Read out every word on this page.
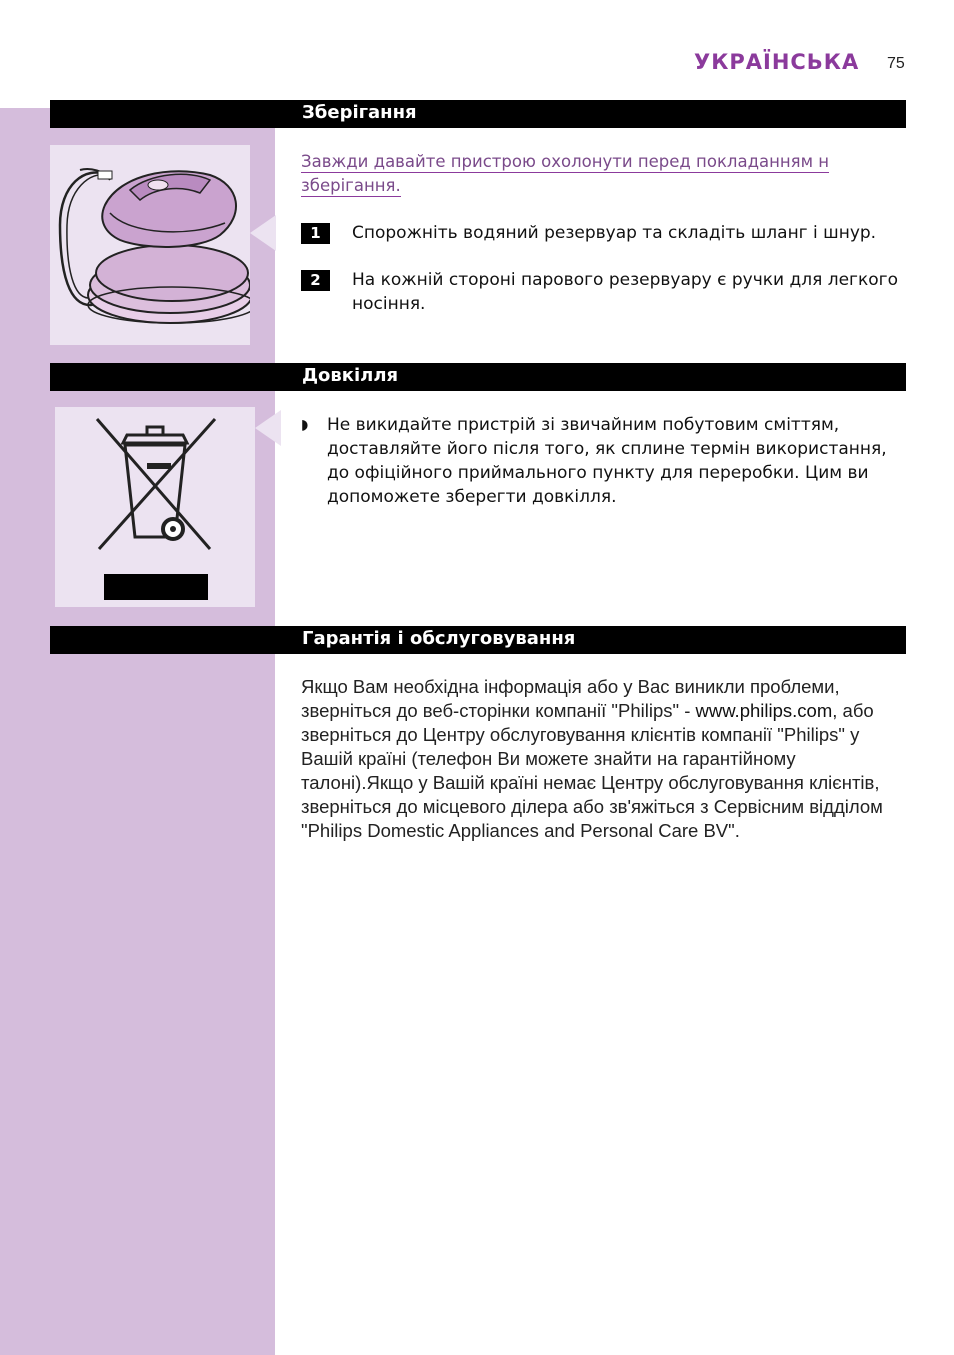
УКРАЇНСЬКА 75
Зберігання
Завжди давайте пристрою охолонути перед покладанням н зберігання.
1	Спорожніть водяний резервуар та складіть шланг і шнур.
2	На кожній стороні парового резервуару є ручки для легкого носіння.
Довкілля
◗ Не викидайте пристрій зі звичайним побутовим сміттям, доставляйте його після того, як сплине термін використання, до офіційного приймального пункту для переробки. Цим ви допоможете зберегти довкілля.
Гарантія і обслуговування
Якщо Вам необхідна інформація або у Вас виникли проблеми, зверніться до веб-сторінки компанії "Philips" - www.philips.com, або зверніться до Центру обслуговування клієнтів компанії "Philips" у Вашій країні (телефон Ви можете знайти на гарантійному талоні).Якщо у Вашій країні немає Центру обслуговування клієнтів, зверніться до місцевого ділера або зв'яжіться з Сервісним відділом "Philips Domestic Appliances and Personal Care BV".
